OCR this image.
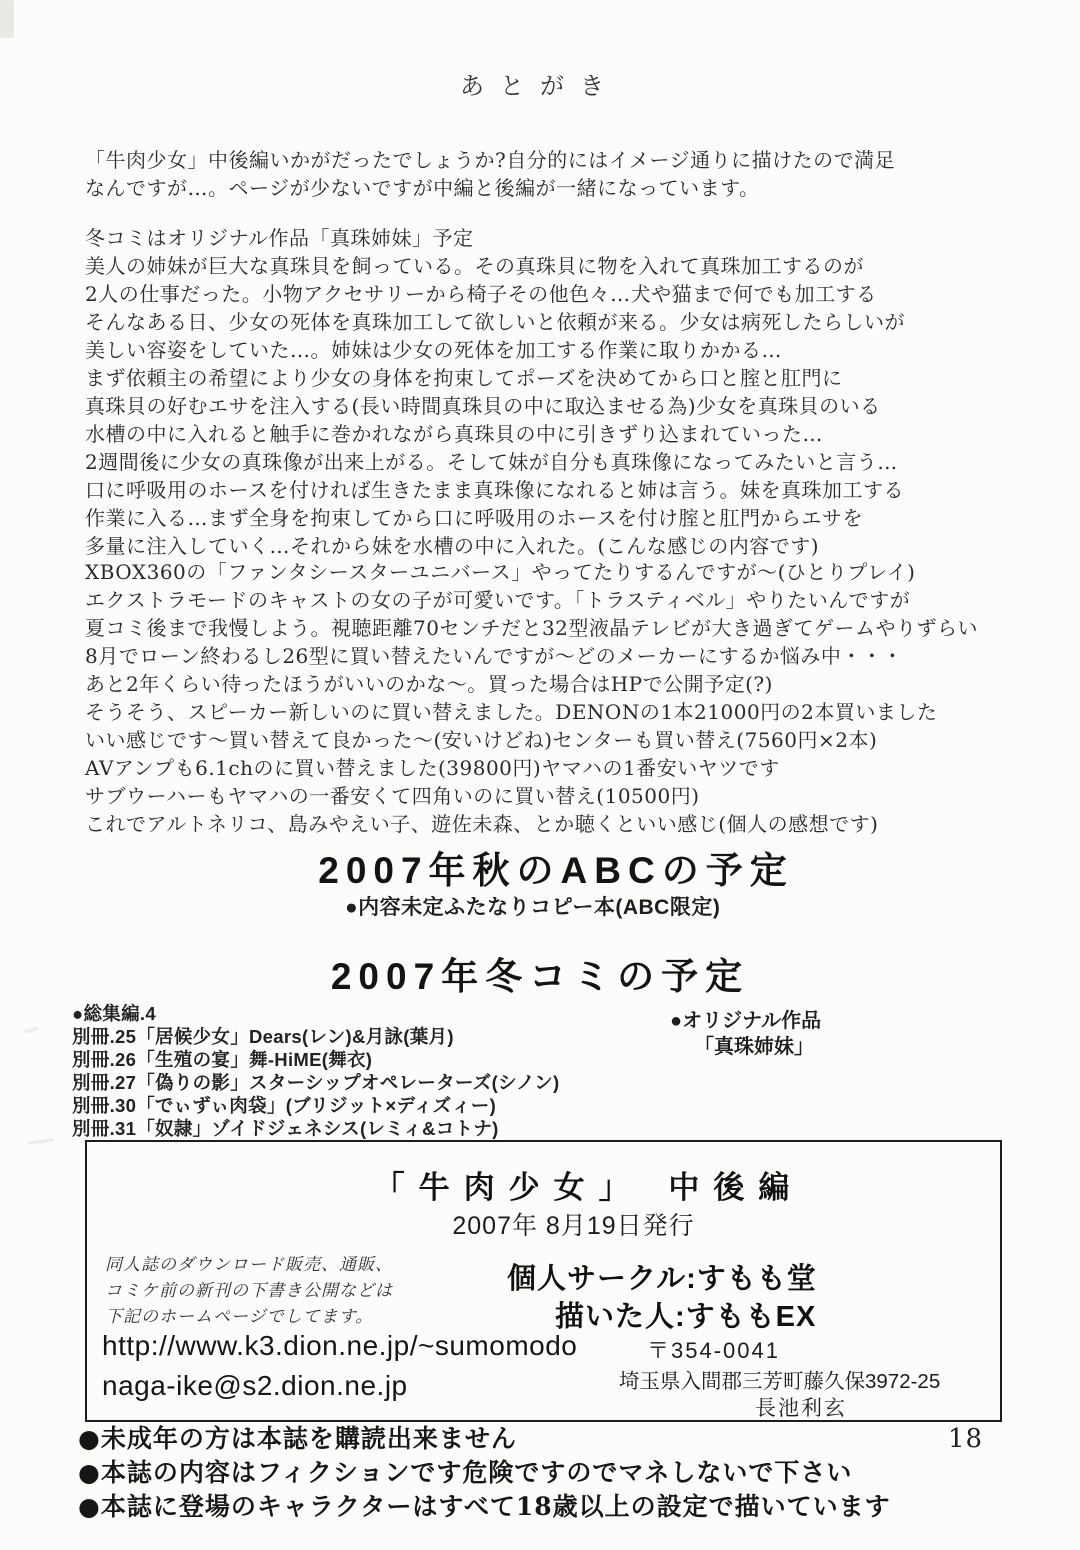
あとがき
「牛肉少女」中後編いかがだったでしょうか?自分的にはイメージ通りに描けたので満足
なんですが…。ページが少ないですが中編と後編が一緒になっています。
冬コミはオリジナル作品「真珠姉妹」予定
美人の姉妹が巨大な真珠貝を飼っている。その真珠貝に物を入れて真珠加工するのが
2人の仕事だった。小物アクセサリーから椅子その他色々…犬や猫まで何でも加工する
そんなある日、少女の死体を真珠加工して欲しいと依頼が来る。少女は病死したらしいが
美しい容姿をしていた…。姉妹は少女の死体を加工する作業に取りかかる…
まず依頼主の希望により少女の身体を拘束してポーズを決めてから口と腟と肛門に
真珠貝の好むエサを注入する(長い時間真珠貝の中に取込ませる為)少女を真珠貝のいる
水槽の中に入れると触手に巻かれながら真珠貝の中に引きずり込まれていった…
2週間後に少女の真珠像が出来上がる。そして妹が自分も真珠像になってみたいと言う…
口に呼吸用のホースを付ければ生きたまま真珠像になれると姉は言う。妹を真珠加工する
作業に入る…まず全身を拘束してから口に呼吸用のホースを付け腟と肛門からエサを
多量に注入していく…それから妹を水槽の中に入れた。(こんな感じの内容です)
XBOX360の「ファンタシースターユニバース」やってたりするんですが〜(ひとりプレイ)
エクストラモードのキャストの女の子が可愛いです。「トラスティベル」やりたいんですが
夏コミ後まで我慢しよう。視聴距離70センチだと32型液晶テレビが大き過ぎてゲームやりずらい
8月でローン終わるし26型に買い替えたいんですが〜どのメーカーにするか悩み中・・・
あと2年くらい待ったほうがいいのかな〜。買った場合はHPで公開予定(?)
そうそう、スピーカー新しいのに買い替えました。DENONの1本21000円の2本買いました
いい感じです〜買い替えて良かった〜(安いけどね)センターも買い替え(7560円×2本)
AVアンプも6.1chのに買い替えました(39800円)ヤマハの1番安いヤツです
サブウーハーもヤマハの一番安くて四角いのに買い替え(10500円)
これでアルトネリコ、島みやえい子、遊佐未森、とか聴くといい感じ(個人の感想です)
2007年秋のABCの予定
●内容未定ふたなりコピー本(ABC限定)
2007年冬コミの予定
●総集編.4
別冊.25「居候少女」Dears(レン)&月詠(葉月)
別冊.26「生殖の宴」舞-HiME(舞衣)
別冊.27「偽りの影」スターシップオペレーターズ(シノン)
別冊.30「でぃずぃ肉袋」(ブリジット×ディズィー)
別冊.31「奴隷」ゾイドジェネシス(レミィ&コトナ)
●オリジナル作品
「真珠姉妹」
「牛肉少女」 中後編
2007年 8月19日発行
同人誌のダウンロード販売、通販、
コミケ前の新刊の下書き公開などは
下記のホームページでしてます。
個人サークル:すもも堂
描いた人:すももEX
http://www.k3.dion.ne.jp/~sumomodo
naga-ike@s2.dion.ne.jp
〒354‐0041
埼玉県入間郡三芳町藤久保3972-25
長池利玄
●未成年の方は本誌を購読出来ません
●本誌の内容はフィクションです危険ですのでマネしないで下さい
●本誌に登場のキャラクターはすべて18歳以上の設定で描いています
18
